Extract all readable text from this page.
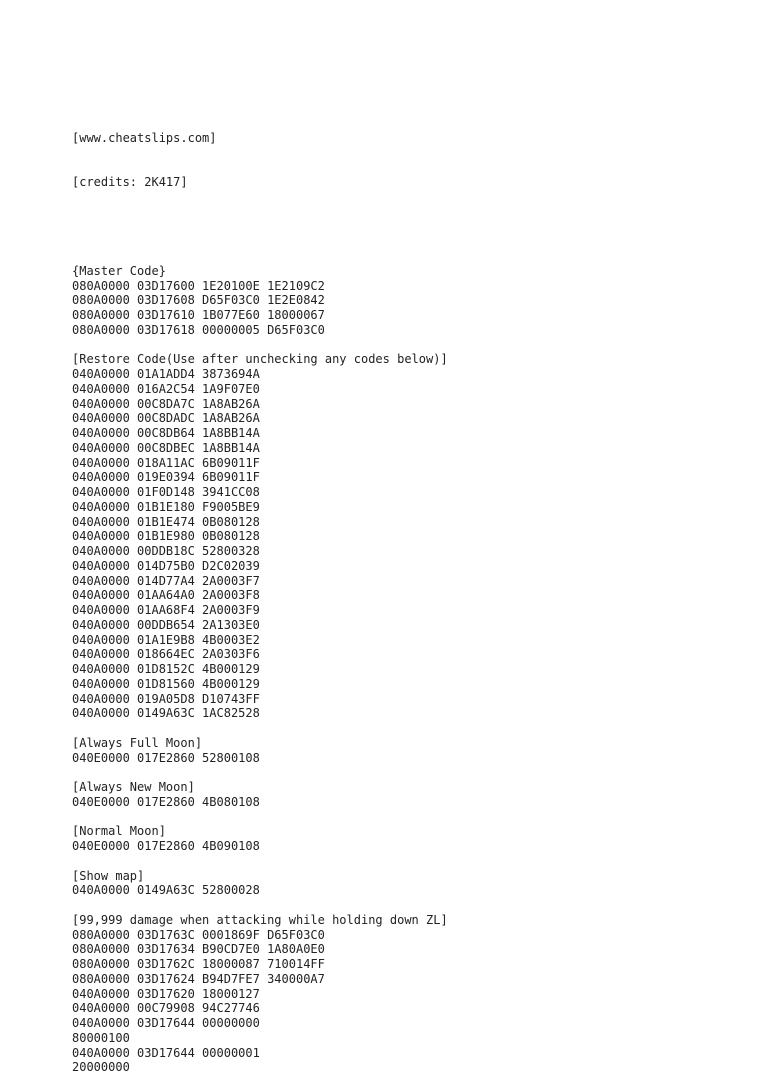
[www.cheatslips.com]

[credits: 2K417]

{Master Code}
080A0000 03D17600 1E20100E 1E2109C2
080A0000 03D17608 D65F03C0 1E2E0842
080A0000 03D17610 1B077E60 18000067
080A0000 03D17618 00000005 D65F03C0
[Restore Code(Use after unchecking any codes below)]
040A0000 01A1ADD4 3873694A
040A0000 016A2C54 1A9F07E0
040A0000 00C8DA7C 1A8AB26A
040A0000 00C8DADC 1A8AB26A
040A0000 00C8DB64 1A8BB14A
040A0000 00C8DBEC 1A8BB14A
040A0000 018A11AC 6B09011F
040A0000 019E0394 6B09011F
040A0000 01F0D148 3941CC08
040A0000 01B1E180 F9005BE9
040A0000 01B1E474 0B080128
040A0000 01B1E980 0B080128
040A0000 00DDB18C 52800328
040A0000 014D75B0 D2C02039
040A0000 014D77A4 2A0003F7
040A0000 01AA64A0 2A0003F8
040A0000 01AA68F4 2A0003F9
040A0000 00DDB654 2A1303E0
040A0000 01A1E9B8 4B0003E2
040A0000 018664EC 2A0303F6
040A0000 01D8152C 4B000129
040A0000 01D81560 4B000129
040A0000 019A05D8 D10743FF
040A0000 0149A63C 1AC82528
[Always Full Moon]
040E0000 017E2860 52800108
[Always New Moon]
040E0000 017E2860 4B080108
[Normal Moon]
040E0000 017E2860 4B090108
[Show map]
040A0000 0149A63C 52800028
[99,999 damage when attacking while holding down ZL]
080A0000 03D1763C 0001869F D65F03C0
080A0000 03D17634 B90CD7E0 1A80A0E0
080A0000 03D1762C 18000087 710014FF
080A0000 03D17624 B94D7FE7 340000A7
040A0000 03D17620 18000127
040A0000 00C79908 94C27746
040A0000 03D17644 00000000
80000100
040A0000 03D17644 00000001
20000000
